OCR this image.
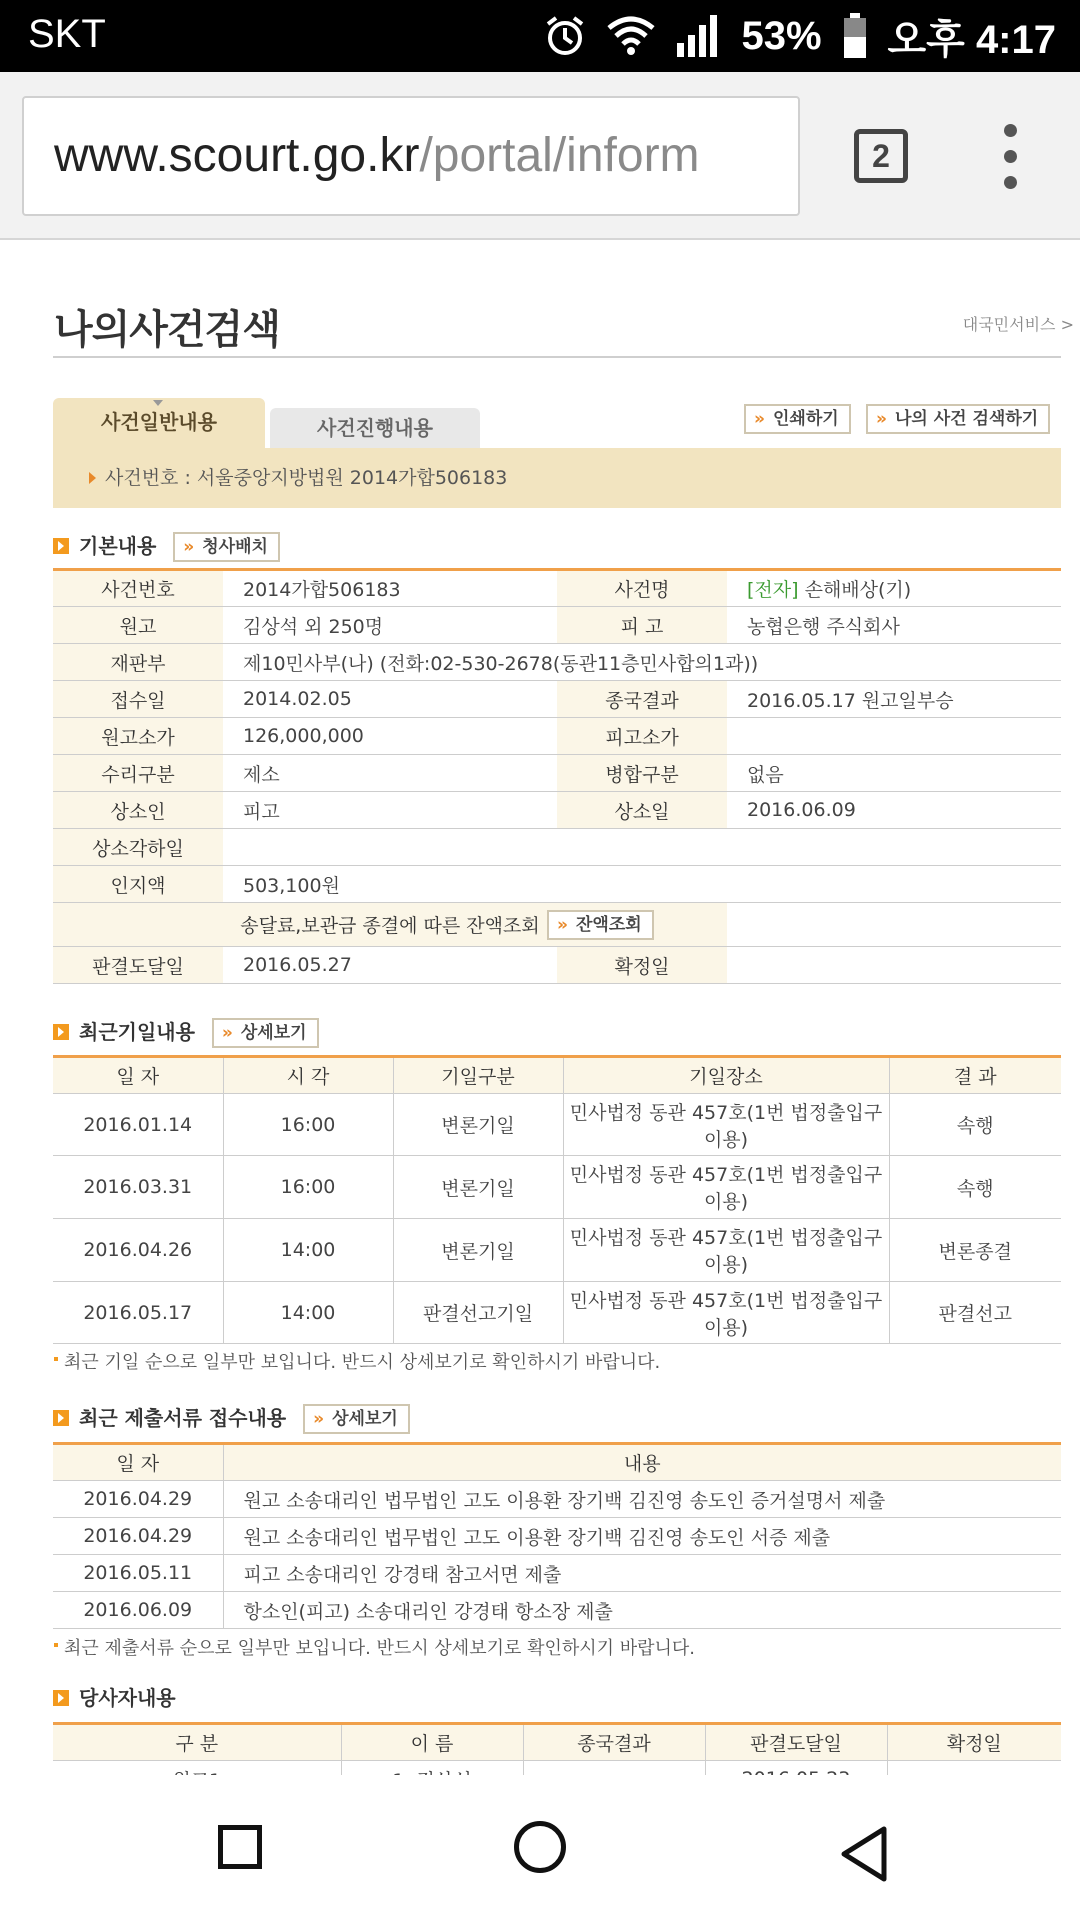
SKT	53% 오후 4:17
www.scourt.go.kr/portal/inform	2
나의사건검색	대국민서비스 >
사건일반내용	사건진행내용	» 인쇄하기	» 나의 사건 검색하기
사건번호 : 서울중앙지방법원 2014가합506183
기본내용 » 청사배치
사건번호	2014가합506183	사건명	[전자] 손해배상(기)
원고	김상석 외 250명	피 고	농협은행 주식회사
재판부	제10민사부(나) (전화:02-530-2678(동관11층민사합의1과))		
접수일	2014.02.05	종국결과	2016.05.17 원고일부승
원고소가	126,000,000	피고소가	
수리구분	제소	병합구분	없음
상소인	피고	상소일	2016.06.09
상소각하일			
인지액	503,100원		
송달료,보관금 종결에 따른 잔액조회			» 잔액조회
판결도달일	2016.05.27	확정일	
최근기일내용 » 상세보기
일 자	시 각	기일구분	기일장소	결 과
2016.01.14	16:00	변론기일	민사법정 동관 457호(1번 법정출입구 이용)	속행
2016.03.31	16:00	변론기일	민사법정 동관 457호(1번 법정출입구 이용)	속행
2016.04.26	14:00	변론기일	민사법정 동관 457호(1번 법정출입구 이용)	변론종결
2016.05.17	14:00	판결선고기일	민사법정 동관 457호(1번 법정출입구 이용)	판결선고
최근 기일 순으로 일부만 보입니다. 반드시 상세보기로 확인하시기 바랍니다.
최근 제출서류 접수내용 » 상세보기
일 자	내용
2016.04.29	원고 소송대리인 법무법인 고도 이용환 장기백 김진영 송도인 증거설명서 제출
2016.04.29	원고 소송대리인 법무법인 고도 이용환 장기백 김진영 송도인 서증 제출
2016.05.11	피고 소송대리인 강경태 참고서면 제출
2016.06.09	항소인(피고) 소송대리인 강경태 항소장 제출
최근 제출서류 순으로 일부만 보입니다. 반드시 상세보기로 확인하시기 바랍니다.
당사자내용
구 분	이 름	종국결과	판결도달일	확정일
